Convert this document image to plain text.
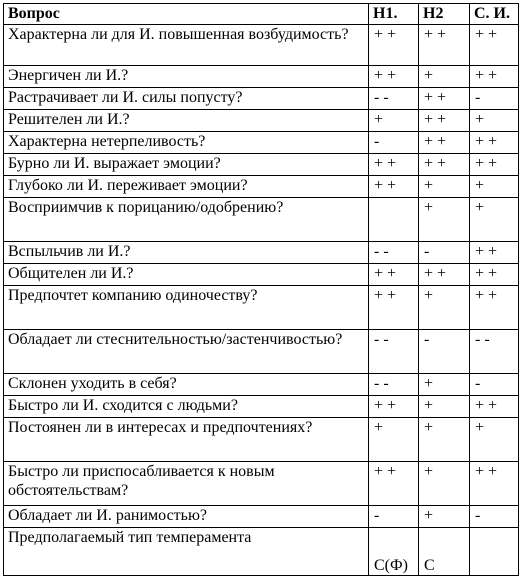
Вопрос	Н1.	Н2	С. И.
Характерна ли для И. повышенная возбудимость?	+ +	+ +	+ +
Энергичен ли И.?	+ +	+	+ +
Растрачивает ли И. силы попусту?	- -	+ +	-
Решителен ли И.?	+	+ +	+
Характерна нетерпеливость?	-	+ +	+ +
Бурно ли И. выражает эмоции?	+ +	+ +	+ +
Глубоко ли И. переживает эмоции?	+ +	+	+
Восприимчив к порицанию/одобрению?		+	+
Вспыльчив ли И.?	- -	-	+ +
Общителен ли И.?	+ +	+ +	+ +
Предпочтет компанию одиночеству?	+ +	+	+ +
Обладает ли стеснительностью/застенчивостью?	- -	-	- -
Склонен уходить в себя?	- -	+	-
Быстро ли И. сходится с людьми?	+ +	+	+ +
Постоянен ли в интересах и предпочтениях?	+	+	+
Быстро ли приспосабливается к новым обстоятельствам?	+ +	+	+ +
Обладает ли И. ранимостью?	-	+	-
Предполагаемый тип темперамента	С(Ф)	С	
